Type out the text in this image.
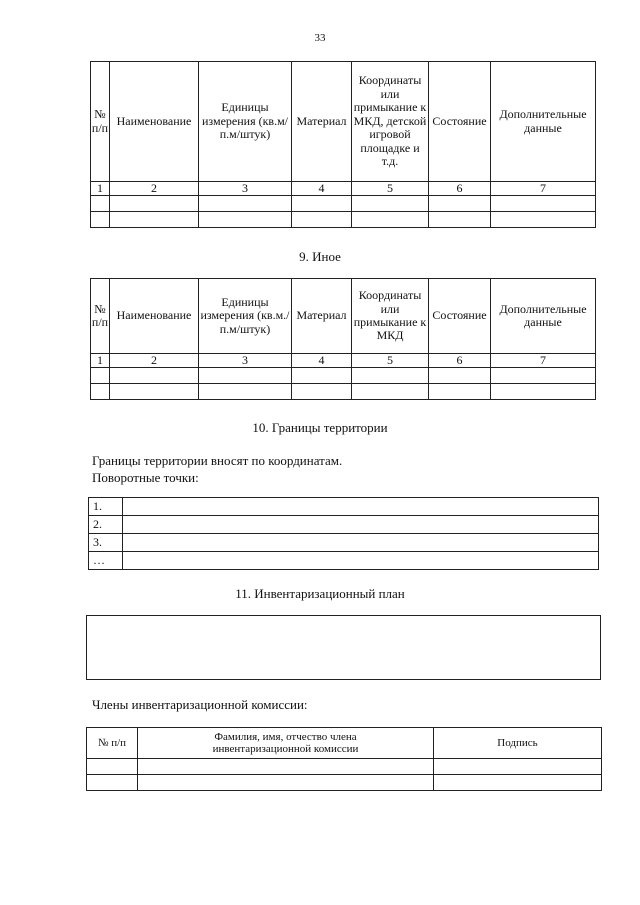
33
№ п/п	Наименование	Единицы измерения (кв.м/п.м/штук)	Материал	Координаты или примыкание к МКД, детской игровой площадке и т.д.	Состояние	Дополнительные данные
1	2	3	4	5	6	7

9. Иное
№ п/п	Наименование	Единицы измерения (кв.м./п.м/штук)	Материал	Координаты или примыкание к МКД	Состояние	Дополнительные данные
1	2	3	4	5	6	7

10. Границы территории
Границы территории вносят по координатам.
Поворотные точки:
1.	
2.	
3.	
…	
11. Инвентаризационный план
Члены инвентаризационной комиссии:
№ п/п	Фамилия, имя, отчество члена инвентаризационной комиссии	Подпись
